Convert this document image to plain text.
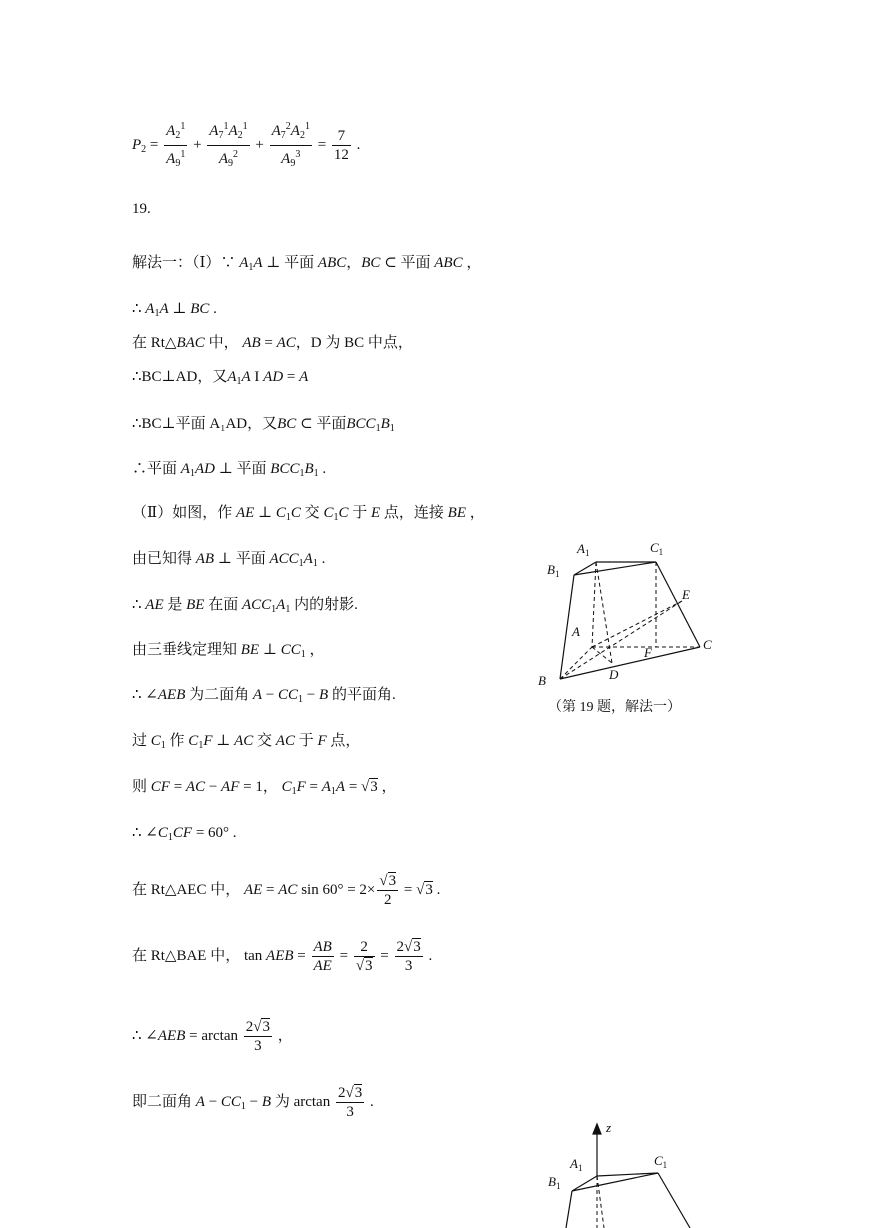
$P_2 = \frac{A_2^1}{A_9^1} + \frac{A_7^1A_2^1}{A_9^2} + \frac{A_7^2A_2^1}{A_9^3} = \frac{7}{12}$ .
19.
解法一：（Ⅰ）∵ $A_1A$ ⊥ 平面 ABC，BC ⊂ 平面 ABC ，
∴ $A_1A$ ⊥ BC .
在 Rt△BAC 中， AB = AC，D 为 BC 中点，
∴BC⊥AD，又$A_1A$ Ι AD = A
∴BC⊥平面 A₁AD，又BC ⊂ 平面$BCC_1B_1$
∴平面 $A_1AD$ ⊥ 平面 $BCC_1B_1$ .
（Ⅱ）如图，作 AE ⊥ $C_1C$ 交 $C_1C$ 于 E 点，连接 BE ，
由已知得 AB ⊥ 平面 $ACC_1A_1$ .
∴ AE 是 BE 在面 $ACC_1A_1$ 内的射影.
由三垂线定理知 BE ⊥ $CC_1$ ，
∴ ∠AEB 为二面角 $A - CC_1 - B$ 的平面角.
过 $C_1$ 作 $C_1F$ ⊥ AC 交 AC 于 F 点，
则 CF = AC − AF = 1， $C_1F = A_1A = √3$ ，
∴ $\angle C_1CF = 60^\circ$ .
在 Rt△AEC 中， AE = AC $\sin 60^\circ = 2\times \frac{√3}{2} = √3$ .
在 Rt△BAE 中， tan AEB = $\frac{AB}{AE} = \frac{2}{√3} = \frac{2√3}{3}$ .
∴ ∠AEB = $\arctan \frac{2√3}{3}$ ，
即二面角 $A - CC_1 - B$ 为 $\arctan \frac{2√3}{3}$ .
$A_1$	$C_1$
$B_1$
E
A
C
F
B	D
（第 19 题，解法一）
z
$A_1$	$C_1$
$B_1$
